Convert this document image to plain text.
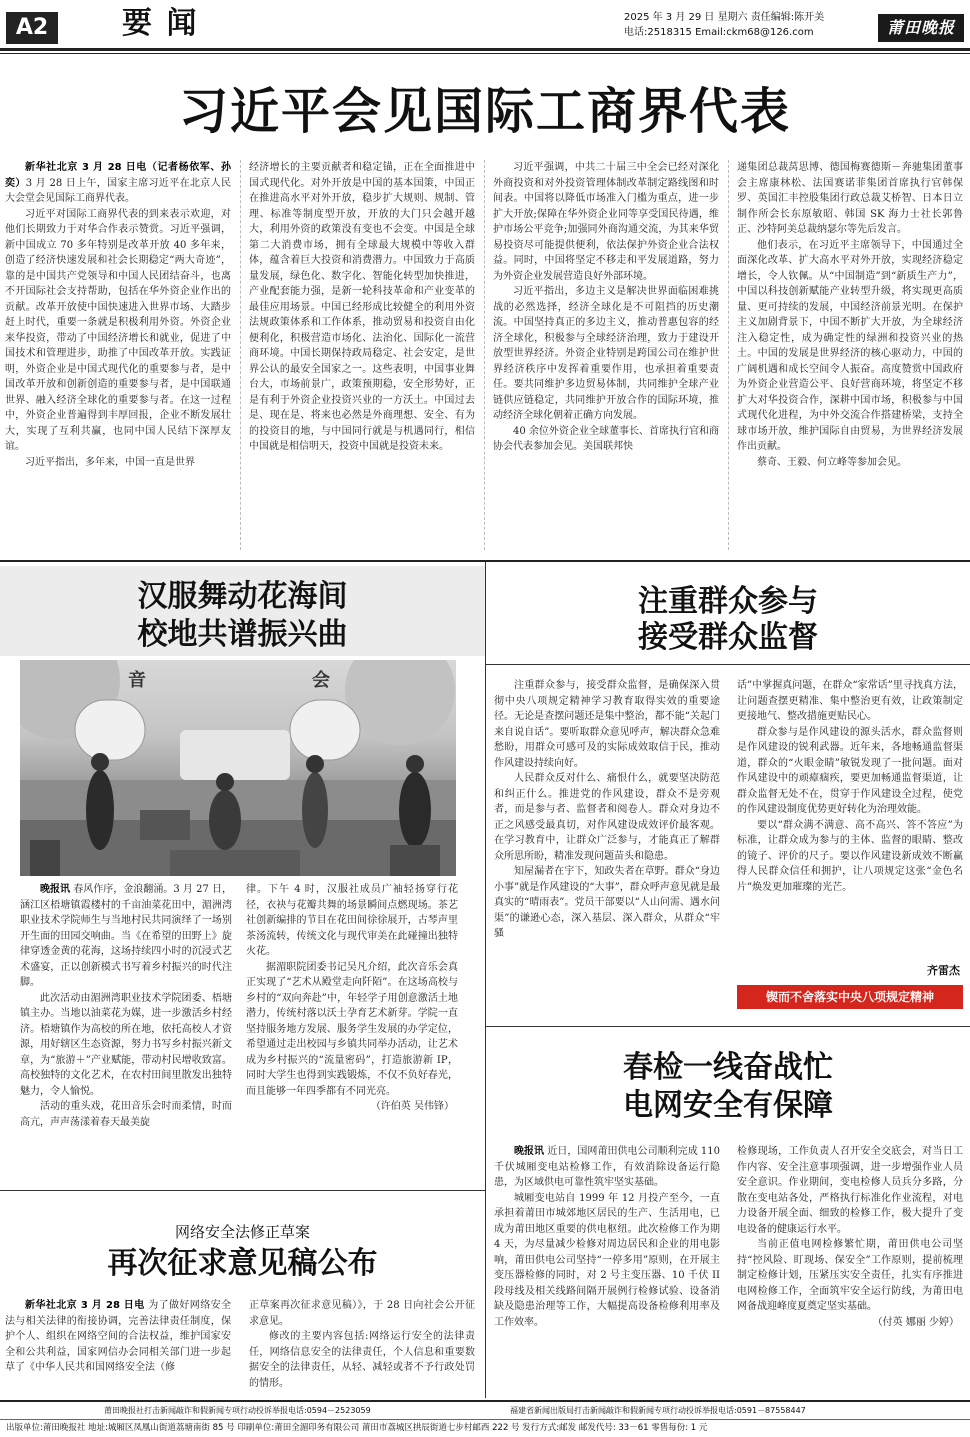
A2	要 闻	2025 年 3 月 29 日 星期六 责任编辑:陈开美
电话:2518315 Email:ckm68@126.com	莆田晚报
习近平会见国际工商界代表

新华社北京 3 月 28 日电（记者杨依军、孙奕）3 月 28 日上午，国家主席习近平在北京人民大会堂会见国际工商界代表。

习近平对国际工商界代表的到来表示欢迎，对他们长期致力于对华合作表示赞赏。习近平强调，新中国成立 70 多年特别是改革开放 40 多年来，创造了经济快速发展和社会长期稳定“两大奇迹”，靠的是中国共产党领导和中国人民团结奋斗，也离不开国际社会支持帮助，包括在华外资企业作出的贡献。改革开放使中国快速进入世界市场、大踏步赶上时代，重要一条就是积极利用外资。外资企业来华投资，带动了中国经济增长和就业，促进了中国技术和管理进步，助推了中国改革开放。实践证明，外资企业是中国式现代化的重要参与者，是中国改革开放和创新创造的重要参与者，是中国联通世界、融入经济全球化的重要参与者。在这一过程中，外资企业普遍得到丰厚回报，企业不断发展壮大，实现了互利共赢，也同中国人民结下深厚友谊。

习近平指出，多年来，中国一直是世界

经济增长的主要贡献者和稳定锚，正在全面推进中国式现代化。对外开放是中国的基本国策，中国正在推进高水平对外开放，稳步扩大规则、规制、管理、标准等制度型开放，开放的大门只会越开越大，利用外资的政策没有变也不会变。中国是全球第二大消费市场，拥有全球最大规模中等收入群体，蕴含着巨大投资和消费潜力。中国致力于高质量发展，绿色化、数字化、智能化转型加快推进，产业配套能力强，是新一轮科技革命和产业变革的最佳应用场景。中国已经形成比较健全的利用外资法规政策体系和工作体系，推动贸易和投资自由化便利化，积极营造市场化、法治化、国际化一流营商环境。中国长期保持政局稳定、社会安定，是世界公认的最安全国家之一。这些表明，中国事业舞台大，市场前景广，政策预期稳，安全形势好，正是有利于外资企业投资兴业的一方沃土。中国过去是、现在是、将来也必然是外商理想、安全、有为的投资目的地，与中国同行就是与机遇同行，相信中国就是相信明天，投资中国就是投资未来。

习近平强调，中共二十届三中全会已经对深化外商投资和对外投资管理体制改革制定路线图和时间表。中国将以降低市场准入门槛为重点，进一步扩大开放;保障在华外资企业同等享受国民待遇，维护市场公平竞争;加强同外商沟通交流，为其来华贸易投资尽可能提供便利，依法保护外资企业合法权益。同时，中国将坚定不移走和平发展道路，努力为外资企业发展营造良好外部环境。

习近平指出，多边主义是解决世界面临困难挑战的必然选择，经济全球化是不可阻挡的历史潮流。中国坚持真正的多边主义，推动普惠包容的经济全球化，积极参与全球经济治理，致力于建设开放型世界经济。外资企业特别是跨国公司在维护世界经济秩序中发挥着重要作用，也承担着重要责任。要共同维护多边贸易体制，共同维护全球产业链供应链稳定，共同维护开放合作的国际环境，推动经济全球化朝着正确方向发展。

40 余位外资企业全球董事长、首席执行官和商协会代表参加会见。美国联邦快

递集团总裁莴思博、德国梅赛德斯－奔驰集团董事会主席康林松、法国赛诺菲集团首席执行官韩保罗、英国汇丰控股集团行政总裁艾桥智、日本日立制作所会长东原敏昭、韩国 SK 海力士社长郭鲁正、沙特阿美总裁纳瑟尔等先后发言。

他们表示，在习近平主席领导下，中国通过全面深化改革、扩大高水平对外开放，实现经济稳定增长，令人钦佩。从“中国制造”到“新质生产力”，中国以科技创新赋能产业转型升级，将实现更高质量、更可持续的发展，中国经济前景光明。在保护主义加剧背景下，中国不断扩大开放，为全球经济注入稳定性，成为确定性的绿洲和投资兴业的热土。中国的发展是世界经济的核心驱动力，中国的广阔机遇和成长空间令人振奋。高度赞赏中国政府为外资企业营造公平、良好营商环境，将坚定不移扩大对华投资合作，深耕中国市场，积极参与中国式现代化进程，为中外交流合作搭建桥梁，支持全球市场开放，维护国际自由贸易，为世界经济发展作出贡献。

蔡奇、王毅、何立峰等参加会见。

汉服舞动花海间
校地共谱振兴曲
音	会

晚报讯 春风作序，金浪翻涌。3 月 27 日，涵江区梧塘镇霞楼村的千亩油菜花田中，湄洲湾职业技术学院师生与当地村民共同演绎了一场别开生面的田园交响曲。当《在希望的田野上》旋律穿透金黄的花海，这场持续四小时的沉浸式艺术盛宴，正以创新模式书写着乡村振兴的时代注脚。

此次活动由湄洲湾职业技术学院团委、梧塘镇主办。当地以油菜花为媒，进一步激活乡村经济。梧塘镇作为高校的所在地，依托高校人才资源，用好辖区生态资源，努力书写乡村振兴新文章，为“旅游＋”产业赋能，带动村民增收致富。高校独特的文化艺术，在农村田间里散发出独特魅力，令人愉悦。

活动的重头戏，花田音乐会时而柔情，时而高亢，声声荡漾着春天最美旋

律。下午 4 时，汉服社成员广袖轻扬穿行花径，衣袂与花瓣共舞的场景瞬间点燃现场。茶艺社创新编排的节目在花田间徐徐展开，古琴声里茶汤流转，传统文化与现代审美在此碰撞出独特火花。

据湄职院团委书记吴凡介绍，此次音乐会真正实现了“艺术从殿堂走向阡陌”。在这场高校与乡村的“双向奔赴”中，年轻学子用创意激活土地潜力，传统村落以沃土孕育艺术新芽。学院一直坚持服务地方发展、服务学生发展的办学定位，希望通过走出校园与乡镇共同举办活动，让艺术成为乡村振兴的“流量密码”，打造旅游新 IP，同时大学生也得到实践锻炼，不仅不负好春光，而且能够一年四季都有不同光亮。

（许伯英 吴伟锋）

网络安全法修正草案
再次征求意见稿公布

新华社北京 3 月 28 日电 为了做好网络安全法与相关法律的衔接协调，完善法律责任制度，保护个人、组织在网络空间的合法权益，维护国家安全和公共利益，国家网信办会同相关部门进一步起草了《中华人民共和国网络安全法（修

正草案再次征求意见稿）》，于 28 日向社会公开征求意见。

修改的主要内容包括:网络运行安全的法律责任，网络信息安全的法律责任，个人信息和重要数据安全的法律责任，从轻、减轻或者不予行政处罚的情形。

注重群众参与
接受群众监督

注重群众参与，接受群众监督，是确保深入贯彻中央八项规定精神学习教育取得实效的重要途径。无论是查摆问题还是集中整治，都不能“关起门来自说自话”。要听取群众意见呼声，解决群众急难愁盼，用群众可感可及的实际成效取信于民，推动作风建设持续向好。

人民群众反对什么、痛恨什么，就要坚决防范和纠正什么。推进党的作风建设，群众不是旁观者，而是参与者、监督者和阅卷人。群众对身边不正之风感受最真切，对作风建设成效评价最客观。在学习教育中，让群众广泛参与，才能真正了解群众所思所盼，精准发现问题苗头和隐患。

知屋漏者在宇下，知政失者在草野。群众“身边小事”就是作风建设的“大事”，群众呼声意见就是最真实的“晴雨表”。党员干部要以“人山问需、遇水问渠”的谦逊心态，深入基层、深入群众，从群众“牢骚

话”中掌握真问题，在群众“家常话”里寻找真方法，让问题查摆更精准、集中整治更有效，让政策制定更接地气、整改措施更贴民心。

群众参与是作风建设的源头活水，群众监督则是作风建设的锐利武器。近年来，各地畅通监督渠道，群众的“火眼金睛”敏锐发现了一批问题。面对作风建设中的顽瘴痼疾，要更加畅通监督渠道，让群众监督无处不在，贯穿于作风建设全过程，使党的作风建设制度优势更好转化为治理效能。

要以“群众满不满意、高不高兴、答不答应”为标准，让群众成为参与的主体、监督的眼睛、整改的镜子、评价的尺子。要以作风建设新成效不断赢得人民群众信任和拥护，让八项规定这张“金色名片”焕发更加璀璨的光芒。

齐雷杰
锲而不舍落实中央八项规定精神
春检一线奋战忙
电网安全有保障

晚报讯 近日，国网莆田供电公司顺利完成 110 千伏城厢变电站检修工作，有效消除设备运行隐患，为区域供电可靠性筑牢坚实基础。

城厢变电站自 1999 年 12 月投产至今，一直承担着莆田市城郊地区居民的生产、生活用电，已成为莆田地区重要的供电枢纽。此次检修工作为期 4 天，为尽量减少检修对周边居民和企业的用电影响，莆田供电公司坚持“一停多用”原则，在开展主变压器检修的同时，对 2 号主变压器、10 千伏 II 段母线及相关线路间隔开展例行检修试验、设备消缺及隐患治理等工作，大幅提高设备检修利用率及工作效率。

检修现场，工作负责人召开安全交底会，对当日工作内容、安全注意事项强调，进一步增强作业人员安全意识。作业期间，变电检修人员兵分多路，分散在变电站各处，严格执行标准化作业流程，对电力设备开展全面、细致的检修工作，极大提升了变电设备的健康运行水平。

当前正值电网检修繁忙期，莆田供电公司坚持“控风险、盯现场、保安全”工作原则，提前梳理制定检修计划，压紧压实安全责任，扎实有序推进电网检修工作，全面筑牢安全运行防线，为莆田电网备战迎峰度夏奠定坚实基础。

（付英 娜丽 少婷）

莆田晚报社打击新闻敲诈和假新闻专项行动投诉举报电话:0594－2523059	福建省新闻出版局打击新闻敲诈和假新闻专项行动投诉举报电话:0591－87558447
出版单位:莆田晚报社 地址:城厢区凤凰山街道荔塘南街 85 号 印刷单位:莆田全湄印务有限公司 莆田市荔城区拱辰街道七步村邮西 222 号 发行方式:邮发 邮发代号: 33－61 零售每份: 1 元
